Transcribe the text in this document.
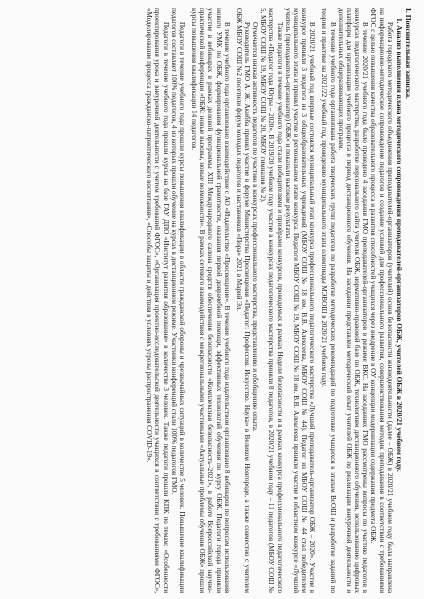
I. Пояснительная записка.
1. Анализ выполнения плана методического сопровождения преподавателей-организаторов ОБЖ, учителей ОБЖ в 2020/21 учебном году.

Работа городского методического объединения преподавателей-организаторов (учителей) основ безопасности жизнедеятельности (далее – ОБЖ) в 2020/21 учебном году была направлена на информационно-методическое сопровождение педагогов и создание условий для профессионального развития, совершенствования методик преподавания в соответствии с требованиями ФГОС с целью повышения качества образовательного процесса и развития способностей учащихся через внедрение в ОУ концепции модернизации содержания предмета ОБЖ.

В течение 2020/21 учебного года было проведено 4 заседания ГМО преподавателей-организаторов в режиме ВКС. На заседаниях ГМО рассмотрены вопросы по участию педагогов в конкурсах педагогического мастерства, разработке персонального сайта учителя ОБЖ, нормативно-правовой базе по ОБЖ, технологиям дистанционного обучения, использованию цифровых платформ для организации учебного процесса в период дистанционного обучения. На заседании представлен методический опыт учителей ОБЖ по реализации внеурочной деятельности и дополнительных общеразвивающих программ.

В течение учебного года организована работа творческих групп педагогов по разработке методических рекомендаций по подготовке учащихся к этапам ВсОШ и разработке заданий по теории и практике на 2021/22 учебный год, проведению муниципального этапа олимпиады МЭВОШ в 2020/21 учебном году.

В 2020/21 учебный год впервые состоялся муниципальный этап конкурса профессионального педагогического мастерства «Лучший преподаватель-организатор ОБЖ – 2020». Участие в конкурсе приняли 3 педагога из 3 общеобразовательных учреждений (МБОУ СОШ № 18 им. В.В. Алексеева, МБОУ СОШ № 44). Педагог из МБОУ СОШ № 44 стал победителем муниципального этапа и принял участие в региональном этапе конкурса. Педагоги МБОУ СОШ № 19, МБОУ СОШ № 18 им. В.В. Алексеева приняли участие в областном конкурсе «Лучший учитель (преподаватель-организатор) ОБЖ» и показали высокие результаты.

Также педагоги в течение учебного года стали победителями и призёрами конкурсов, проводимых в рамках Недели безопасности и в рамках конкурса профессионального педагогического мастерства «Педагог года Югры – 2020». В 2019/20 учебном году участие в конкурсах педагогического мастерства приняли 8 педагогов, в 2020/21 учебном году – 11 педагогов (МБОУ СОШ № 5, МБОУ СОШ № 19, МБОУ СОШ № 20, МБОУ гимназия № 2).

Отмечается низкая активность педагогов по участию в конкурсах профессионального мастерства, представлению и обобщению опыта.

Руководитель ГМО А. Ж. Акибба принял участие в форуме Министерства Просвещения «Педагог: Профессия. Искусство. Наука» в Великом Новгороде, а также совместно с учителем ОБЖ МБОУ СОШ №2 посетили форум молодых педагогов и наставников «Пора» 2021 в Марий Эл.

В течение учебного года организовано взаимодействие с АО «Издательство «Просвещение». В течение учебного года издательством организовано 8 вебинаров по вопросам использования нового УМК по ОБЖ, формирования функциональной грамотности, оказания первой доврачебной помощи, эффективных технологий обучения по курсу ОБЖ. Педагоги города приняли участие в вебинарах в рамках деловой программы XIII Международного салона средств обеспечения безопасности «Комплексная безопасность–2021», в работе Всероссийской научно-практической конференции «ОБЖ: новые вызовы, новые возможности». В рамках сетевого взаимодействия с межрегиональными участниками «Актуальные проблемы обучения ОБЖ» прошли курсы повышения квалификации 14 педагогов.

Педагоги в течение учебного года прошли курсы повышения квалификации в области гражданской обороны и чрезвычайных ситуаций в количестве 5 человек. Повышение квалификации педагогов составляет 100% педагогов, 4 из которых прошли обучение на курсах в дистанционном режиме. Участники конференций стали 100% педагогов ГМО.

Педагоги в течение учебного года прошли курсы на базе ГАУ ДПО «Институт развития образования» в количестве 3 человек. Также педагоги прошли КПК по темам: «Особенности проектирования урока и внеурочной деятельности с учетом требований ФГОС», «Организация проектно-исследовательской деятельности учащихся в соответствии с требованиями ФГОС», «Моделирование процесса гражданско-патриотического воспитания», «Способы защиты и действия в условиях угрозы распространения COVID-19».
